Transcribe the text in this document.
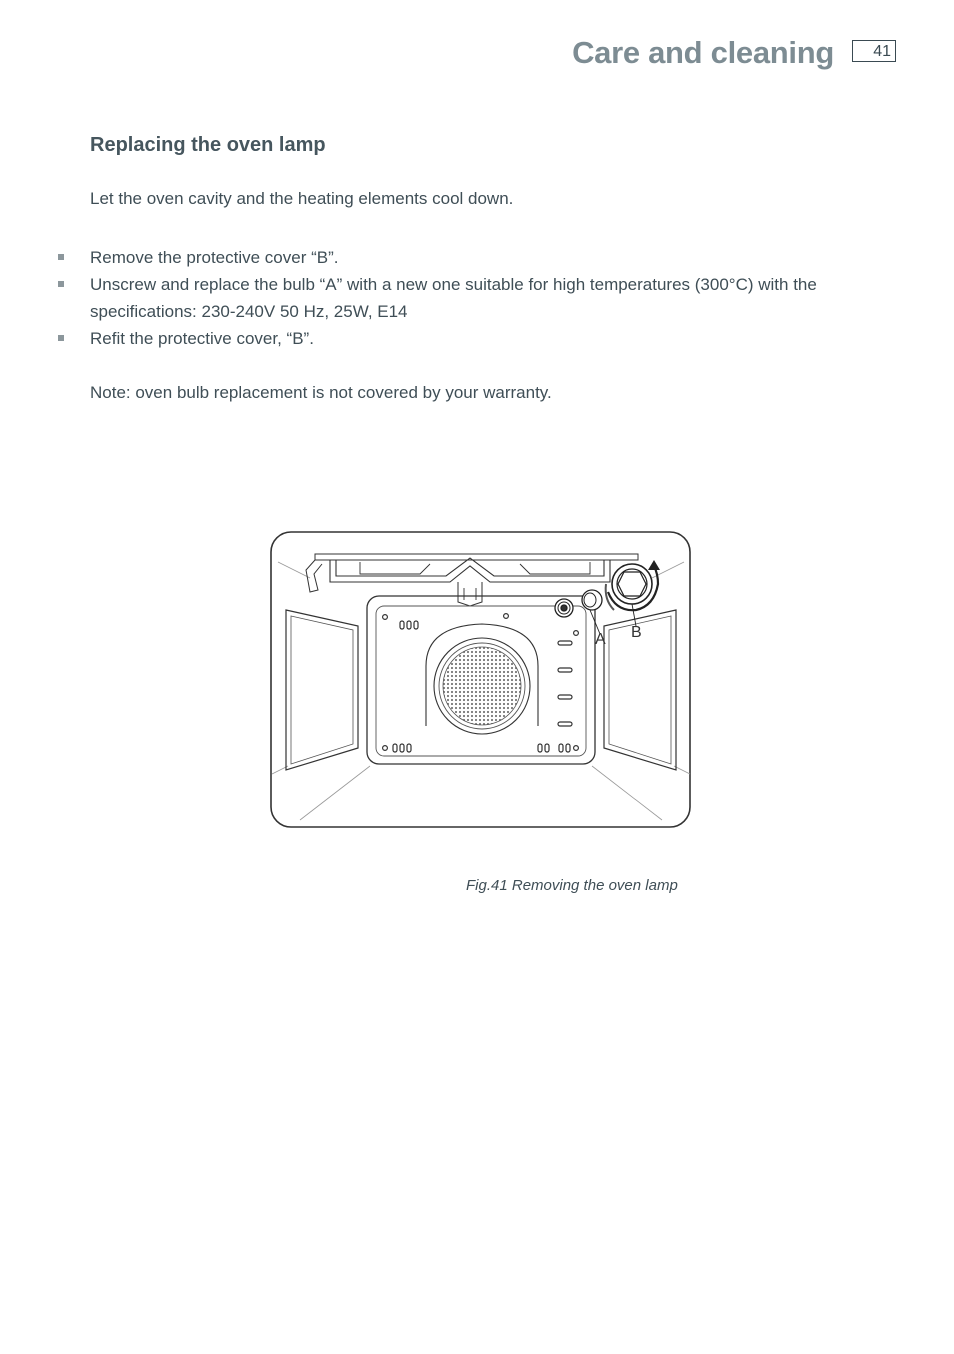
Care and cleaning	41
Replacing the oven lamp

Let the oven cavity and the heating elements cool down.

Remove the protective cover “B”.
Unscrew and replace the bulb “A” with a new one suitable for high temperatures (300°C) with the specifications: 230-240V 50 Hz, 25W, E14
Refit the protective cover, “B”.

Note: oven bulb replacement is not covered by your warranty.

A B
Fig.41 Removing the oven lamp
